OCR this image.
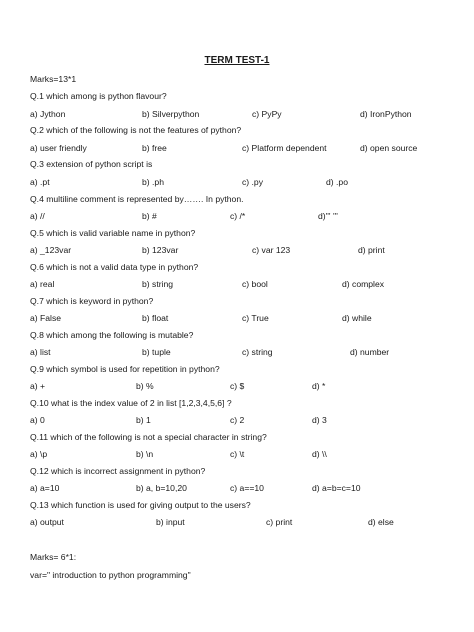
TERM TEST-1
Marks=13*1
Q.1 which among is python flavour?
a) Jython	b) Silverpython	c) PyPy	d) IronPython
Q.2 which of the following is not the features of python?
a) user friendly	b) free	c) Platform dependent	d) open source
Q.3 extension of python script is
a) .pt	b) .ph	c) .py	d) .po
Q.4 multiline comment is represented by……. In python.
a) //	b) #	c) /*	d)''' '''
Q.5 which is valid variable name in python?
a) _123var	b) 123var	c) var 123	d) print
Q.6 which is not a valid data type in python?
a) real	b) string	c) bool	d) complex
Q.7 which is keyword in python?
a) False	b) float	c) True	d) while
Q.8 which among the following is mutable?
a) list	b) tuple	c) string	d) number
Q.9 which symbol is used for repetition in python?
a) +	b) %	c) $	d) *
Q.10 what is the index value of 2 in list [1,2,3,4,5,6] ?
a) 0	b) 1	c) 2	d) 3
Q.11 which of the following is not a special character in string?
a) \p	b) \n	c) \t	d) \\
Q.12 which is incorrect assignment in python?
a) a=10	b) a, b=10,20	c) a==10	d) a=b=c=10
Q.13 which function is used for giving output to the users?
a) output	b) input	c) print	d) else
Marks= 6*1:
var=" introduction to python programming"
